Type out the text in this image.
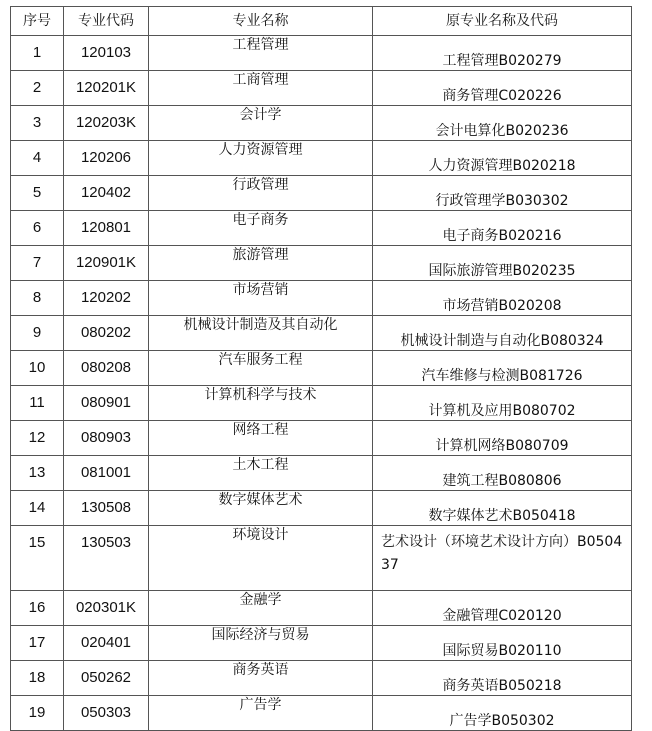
序号	专业代码	专业名称	原专业名称及代码
1	120103	工程管理	工程管理B020279
2	120201K	工商管理	商务管理C020226
3	120203K	会计学	会计电算化B020236
4	120206	人力资源管理	人力资源管理B020218
5	120402	行政管理	行政管理学B030302
6	120801	电子商务	电子商务B020216
7	120901K	旅游管理	国际旅游管理B020235
8	120202	市场营销	市场营销B020208
9	080202	机械设计制造及其自动化	机械设计制造与自动化B080324
10	080208	汽车服务工程	汽车维修与检测B081726
11	080901	计算机科学与技术	计算机及应用B080702
12	080903	网络工程	计算机网络B080709
13	081001	土木工程	建筑工程B080806
14	130508	数字媒体艺术	数字媒体艺术B050418
15	130503	环境设计	艺术设计（环境艺术设计方向）B050437
16	020301K	金融学	金融管理C020120
17	020401	国际经济与贸易	国际贸易B020110
18	050262	商务英语	商务英语B050218
19	050303	广告学	广告学B050302
